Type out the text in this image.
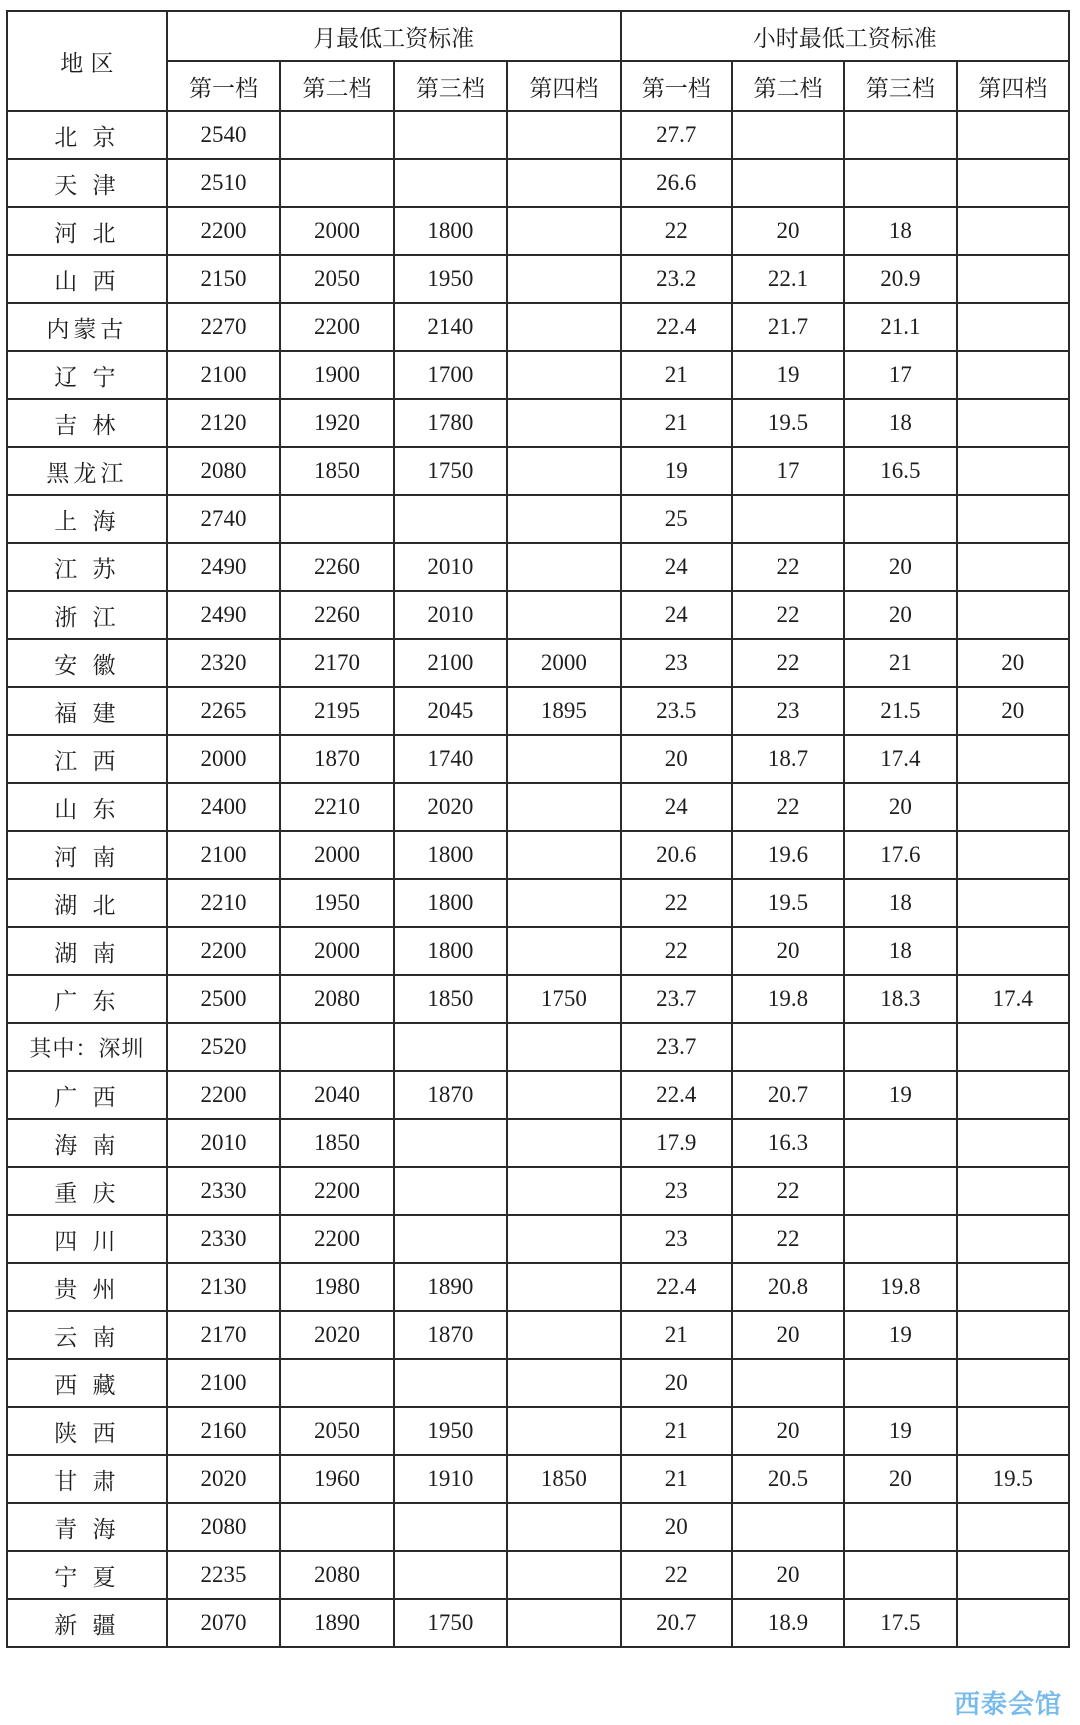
地 区	月最低工资标准				小时最低工资标准			
	第一档	第二档	第三档	第四档	第一档	第二档	第三档	第四档
北 京	2540				27.7			
天 津	2510				26.6			
河 北	2200	2000	1800		22	20	18	
山 西	2150	2050	1950		23.2	22.1	20.9	
内蒙古	2270	2200	2140		22.4	21.7	21.1	
辽 宁	2100	1900	1700		21	19	17	
吉 林	2120	1920	1780		21	19.5	18	
黑龙江	2080	1850	1750		19	17	16.5	
上 海	2740				25			
江 苏	2490	2260	2010		24	22	20	
浙 江	2490	2260	2010		24	22	20	
安 徽	2320	2170	2100	2000	23	22	21	20
福 建	2265	2195	2045	1895	23.5	23	21.5	20
江 西	2000	1870	1740		20	18.7	17.4	
山 东	2400	2210	2020		24	22	20	
河 南	2100	2000	1800		20.6	19.6	17.6	
湖 北	2210	1950	1800		22	19.5	18	
湖 南	2200	2000	1800		22	20	18	
广 东	2500	2080	1850	1750	23.7	19.8	18.3	17.4
其中：深圳	2520				23.7			
广 西	2200	2040	1870		22.4	20.7	19	
海 南	2010	1850			17.9	16.3		
重 庆	2330	2200			23	22		
四 川	2330	2200			23	22		
贵 州	2130	1980	1890		22.4	20.8	19.8	
云 南	2170	2020	1870		21	20	19	
西 藏	2100				20			
陕 西	2160	2050	1950		21	20	19	
甘 肃	2020	1960	1910	1850	21	20.5	20	19.5
青 海	2080				20			
宁 夏	2235	2080			22	20		
新 疆	2070	1890	1750		20.7	18.9	17.5	
西泰会馆
